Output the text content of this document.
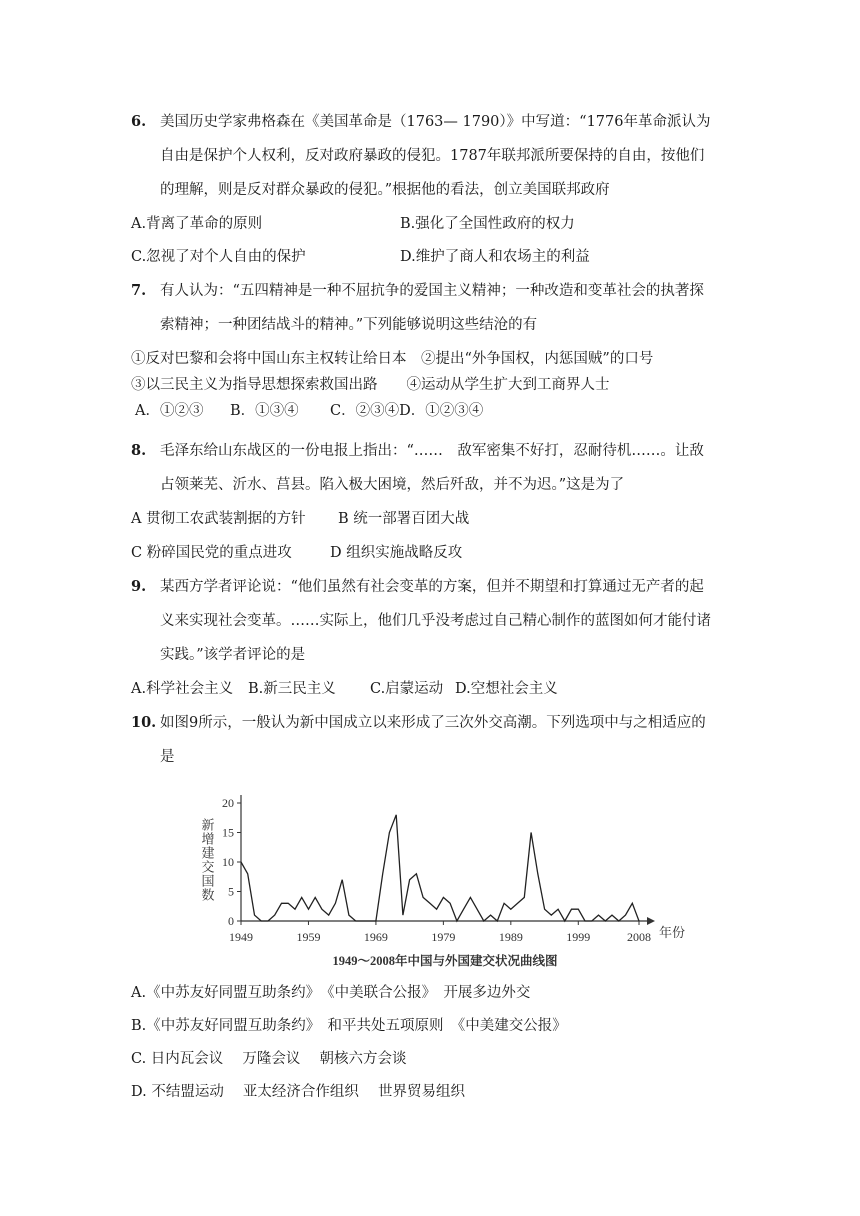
6. 美国历史学家弗格森在《美国革命是（1763— 1790）》中写道：“1776年革命派认为
自由是保护个人权利，反对政府暴政的侵犯。1787年联邦派所要保持的自由，按他们
的理解，则是反对群众暴政的侵犯。”根据他的看法，创立美国联邦政府
A.背离了革命的原则	B.强化了全国性政府的权力
C.忽视了对个人自由的保护	D.维护了商人和农场主的利益
7. 有人认为：“五四精神是一种不屈抗争的爱国主义精神；一种改造和变革社会的执著探
索精神；一种团结战斗的精神。”下列能够说明这些结沧的有
①反对巴黎和会将中国山东主权转让给日本　②提出“外争国权，内惩国贼”的口号
③以三民主义为指导思想探索救国出路　　④运动从学生扩大到工商界人士
A．①②③ B．①③④ C．②③④D．①②③④
8. 毛泽东给山东战区的一份电报上指出：“……　敌军密集不好打，忍耐待机……。让敌
占领莱芜、沂水、莒县。陷入极大困境，然后歼敌，并不为迟。”这是为了
A 贯彻工农武装割据的方针 B 统一部署百团大战
C 粉碎国民党的重点进攻	D 组织实施战略反攻
9. 某西方学者评论说：“他们虽然有社会变革的方案，但并不期望和打算通过无产者的起
义来实现社会变革。……实际上，他们几乎没考虑过自己精心制作的蓝图如何才能付诸
实践。”该学者评论的是
A.科学社会主义 B.新三民主义 C.启蒙运动 D.空想社会主义
10. 如图9所示，一般认为新中国成立以来形成了三次外交高潮。下列选项中与之相适应的
是
新增建交国数
0
5
10
15
20
1949	1959	1969	1979	1989	1999	2008 年份
1949～2008年中国与外国建交状况曲线图
A.《中苏友好同盟互助条约》　《中美联合公报》　开展多边外交
B.《中苏友好同盟互助条约》　和平共处五项原则　《中美建交公报》
C. 日内瓦会议　 万隆会议　 朝核六方会谈
D. 不结盟运动　 亚太经济合作组织　 世界贸易组织
